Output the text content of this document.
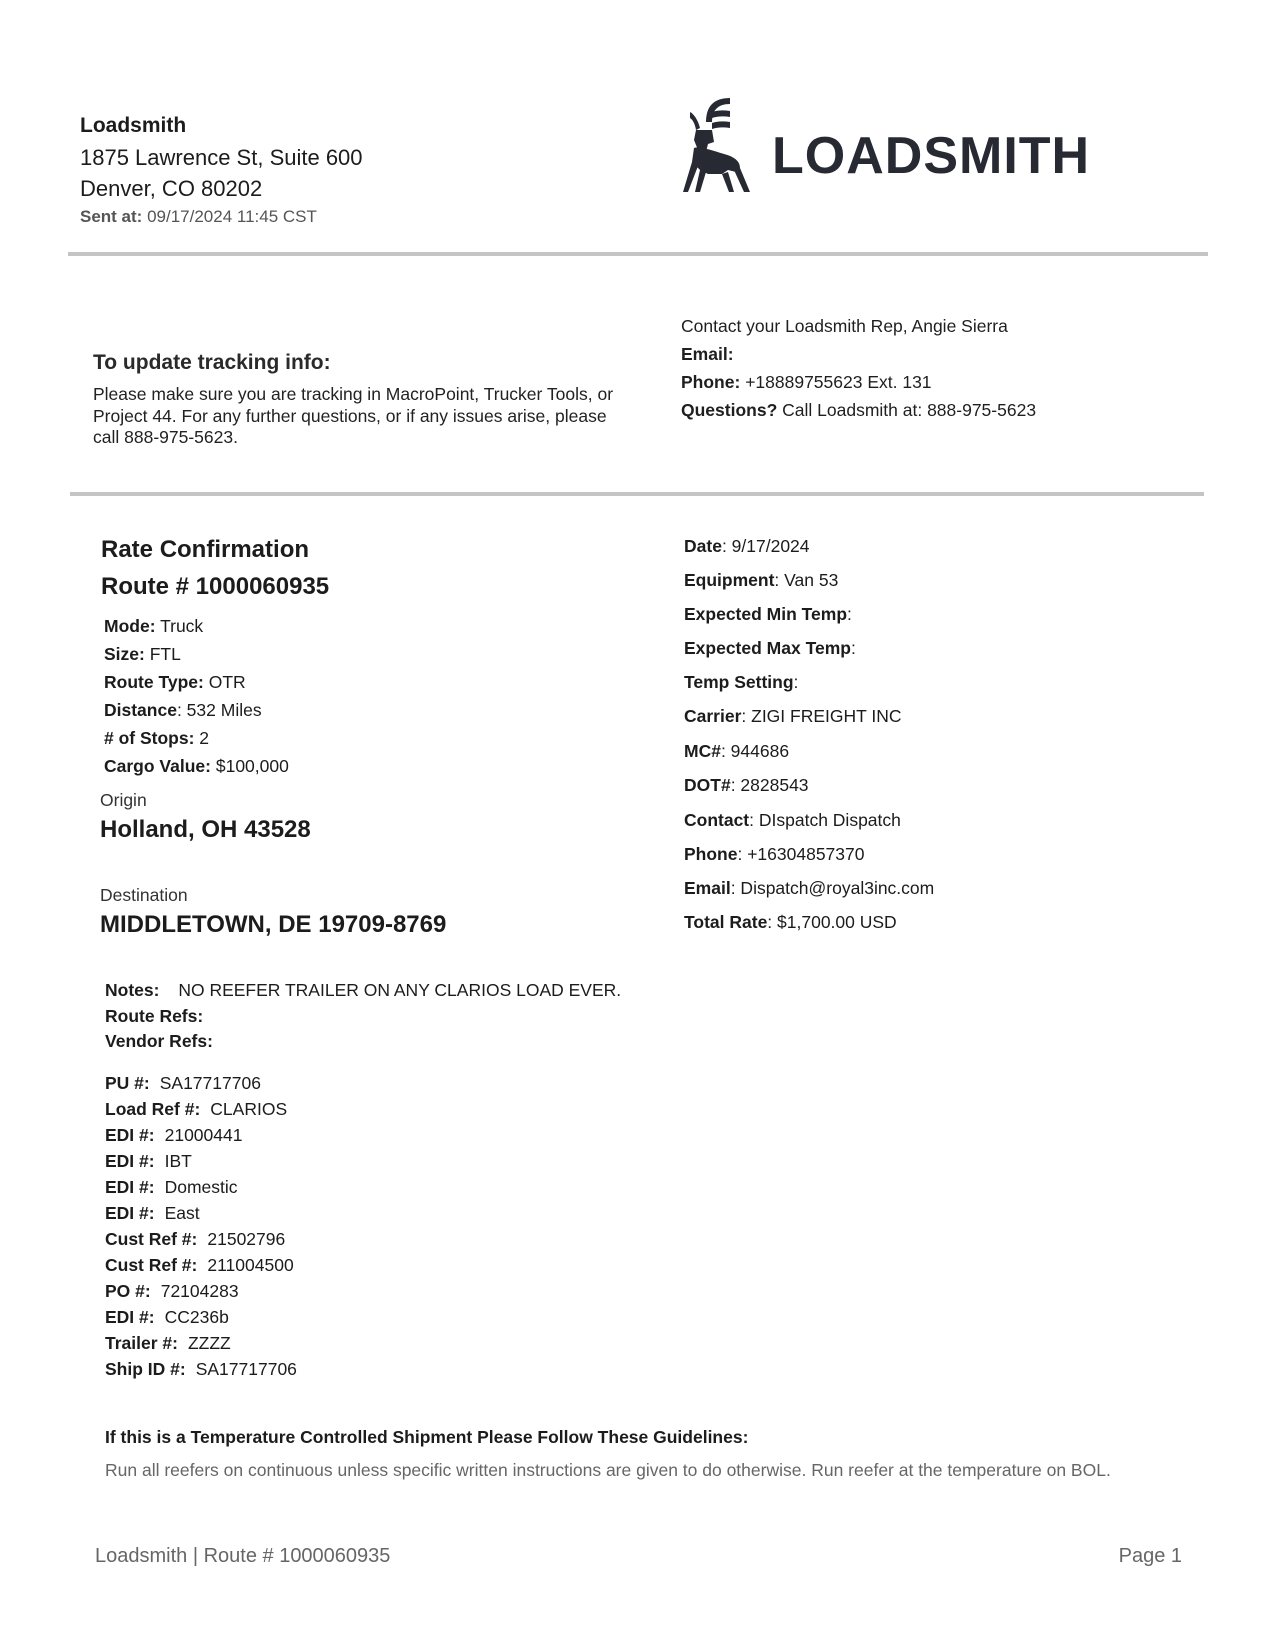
Loadsmith
1875 Lawrence St, Suite 600
Denver, CO 80202
Sent at: 09/17/2024 11:45 CST
LOADSMITH
To update tracking info:
Please make sure you are tracking in MacroPoint, Trucker Tools, or Project 44. For any further questions, or if any issues arise, please call 888-975-5623.
Contact your Loadsmith Rep, Angie Sierra
Email:
Phone: +18889755623 Ext. 131
Questions? Call Loadsmith at: 888-975-5623
Rate Confirmation
Route # 1000060935
Mode: Truck
Size: FTL
Route Type: OTR
Distance: 532 Miles
# of Stops: 2
Cargo Value: $100,000
Origin
Holland, OH 43528
Destination
MIDDLETOWN, DE 19709-8769
Date: 9/17/2024
Equipment: Van 53
Expected Min Temp:
Expected Max Temp:
Temp Setting:
Carrier: ZIGI FREIGHT INC
MC#: 944686
DOT#: 2828543
Contact: DIspatch Dispatch
Phone: +16304857370
Email: Dispatch@royal3inc.com
Total Rate: $1,700.00 USD
Notes: NO REEFER TRAILER ON ANY CLARIOS LOAD EVER.
Route Refs:
Vendor Refs:
PU #: SA17717706
Load Ref #: CLARIOS
EDI #: 21000441
EDI #: IBT
EDI #: Domestic
EDI #: East
Cust Ref #: 21502796
Cust Ref #: 211004500
PO #: 72104283
EDI #: CC236b
Trailer #: ZZZZ
Ship ID #: SA17717706
If this is a Temperature Controlled Shipment Please Follow These Guidelines:
Run all reefers on continuous unless specific written instructions are given to do otherwise. Run reefer at the temperature on BOL.
Loadsmith | Route # 1000060935	Page 1
